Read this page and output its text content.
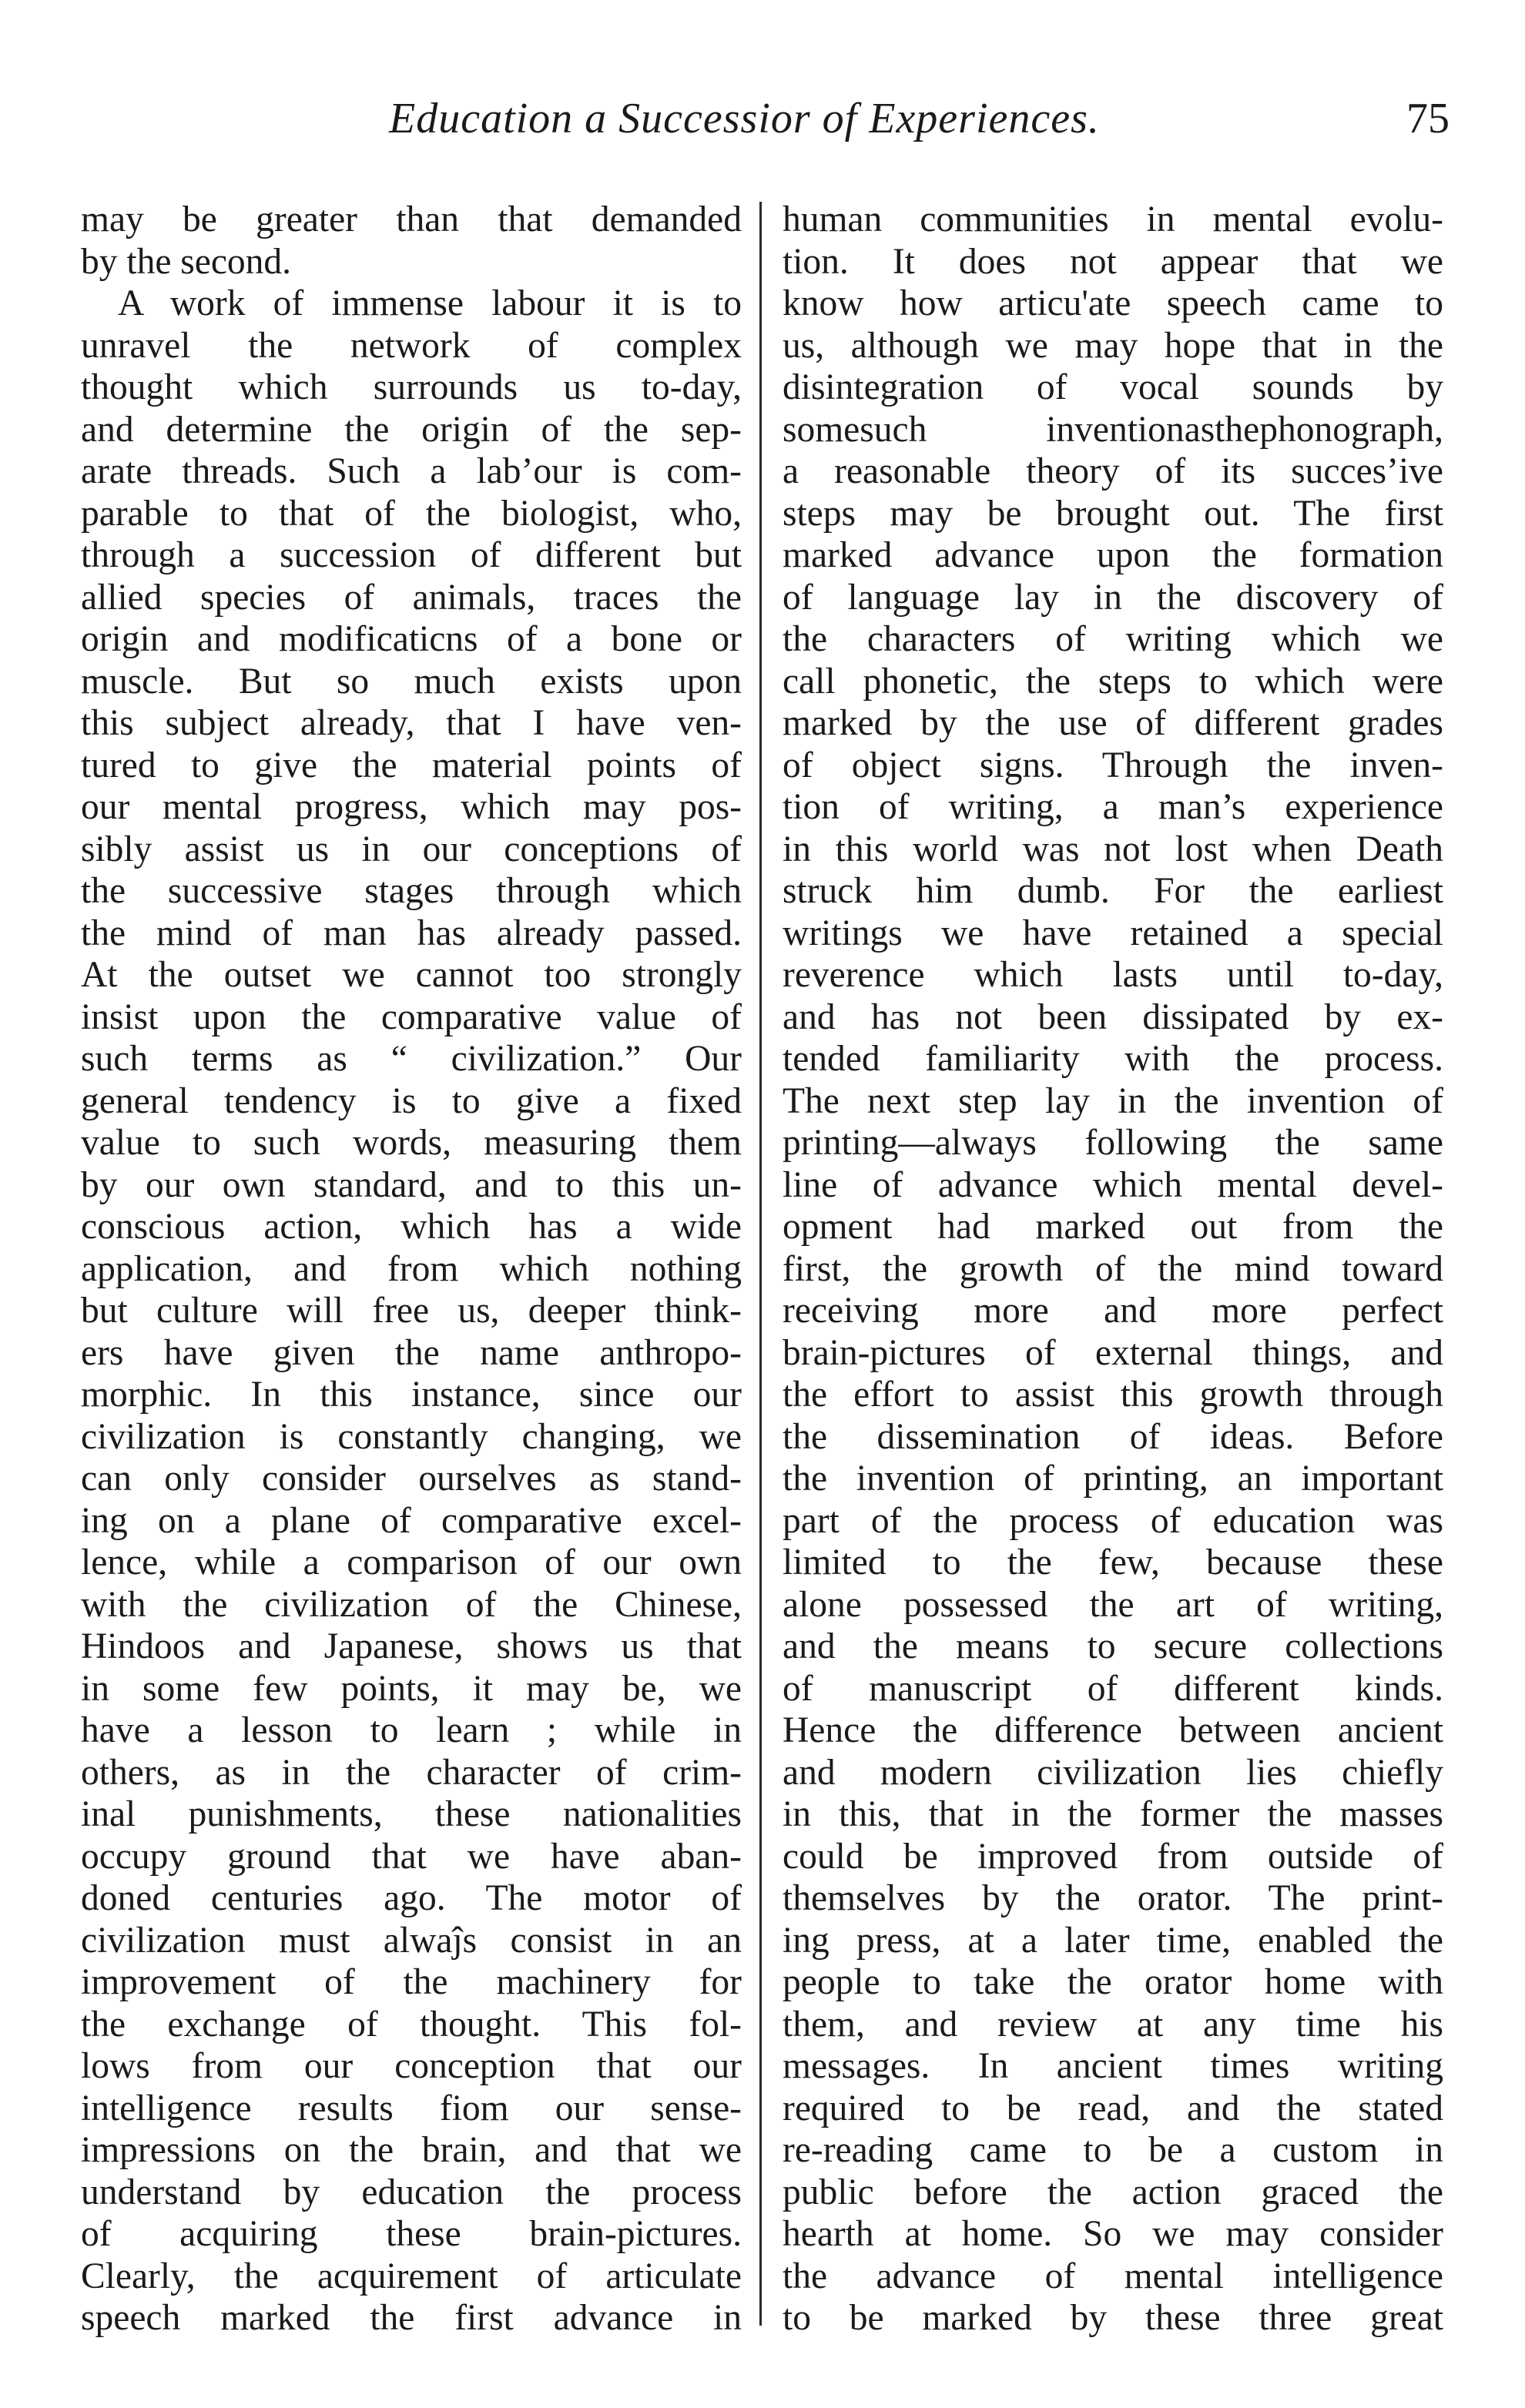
Education a Successior of Experiences.	75
may be greater than that demanded
by the second.
A work of immense labour it is to
unravel the network of complex
thought which surrounds us to-day,
and determine the origin of the sep-
arate threads. Such a lab’our is com-
parable to that of the biologist, who,
through a succession of different but
allied species of animals, traces the
origin and modificaticns of a bone or
muscle. But so much exists upon
this subject already, that I have ven-
tured to give the material points of
our mental progress, which may pos-
sibly assist us in our conceptions of
the successive stages through which
the mind of man has already passed.
At the outset we cannot too strongly
insist upon the comparative value of
such terms as “ civilization.” Our
general tendency is to give a fixed
value to such words, measuring them
by our own standard, and to this un-
conscious action, which has a wide
application, and from which nothing
but culture will free us, deeper think-
ers have given the name anthropo-
morphic. In this instance, since our
civilization is constantly changing, we
can only consider ourselves as stand-
ing on a plane of comparative excel-
lence, while a comparison of our own
with the civilization of the Chinese,
Hindoos and Japanese, shows us that
in some few points, it may be, we
have a lesson to learn ; while in
others, as in the character of crim-
inal punishments, these nationalities
occupy ground that we have aban-
doned centuries ago. The motor of
civilization must alwaĵs consist in an
improvement of the machinery for
the exchange of thought. This fol-
lows from our conception that our
intelligence results fiom our sense-
impressions on the brain, and that we
understand by education the process
of acquiring these brain-pictures.
Clearly, the acquirement of articulate
speech marked the first advance in
human communities in mental evolu-
tion. It does not appear that we
know how articu'ate speech came to
us, although we may hope that in the
disintegration of vocal sounds by
somesuch inventionasthephonograph,
a reasonable theory of its succes’ive
steps may be brought out. The first
marked advance upon the formation
of language lay in the discovery of
the characters of writing which we
call phonetic, the steps to which were
marked by the use of different grades
of object signs. Through the inven-
tion of writing, a man’s experience
in this world was not lost when Death
struck him dumb. For the earliest
writings we have retained a special
reverence which lasts until to-day,
and has not been dissipated by ex-
tended familiarity with the process.
The next step lay in the invention of
printing—always following the same
line of advance which mental devel-
opment had marked out from the
first, the growth of the mind toward
receiving more and more perfect
brain-pictures of external things, and
the effort to assist this growth through
the dissemination of ideas. Before
the invention of printing, an important
part of the process of education was
limited to the few, because these
alone possessed the art of writing,
and the means to secure collections
of manuscript of different kinds.
Hence the difference between ancient
and modern civilization lies chiefly
in this, that in the former the masses
could be improved from outside of
themselves by the orator. The print-
ing press, at a later time, enabled the
people to take the orator home with
them, and review at any time his
messages. In ancient times writing
required to be read, and the stated
re-reading came to be a custom in
public before the action graced the
hearth at home. So we may consider
the advance of mental intelligence
to be marked by these three great
